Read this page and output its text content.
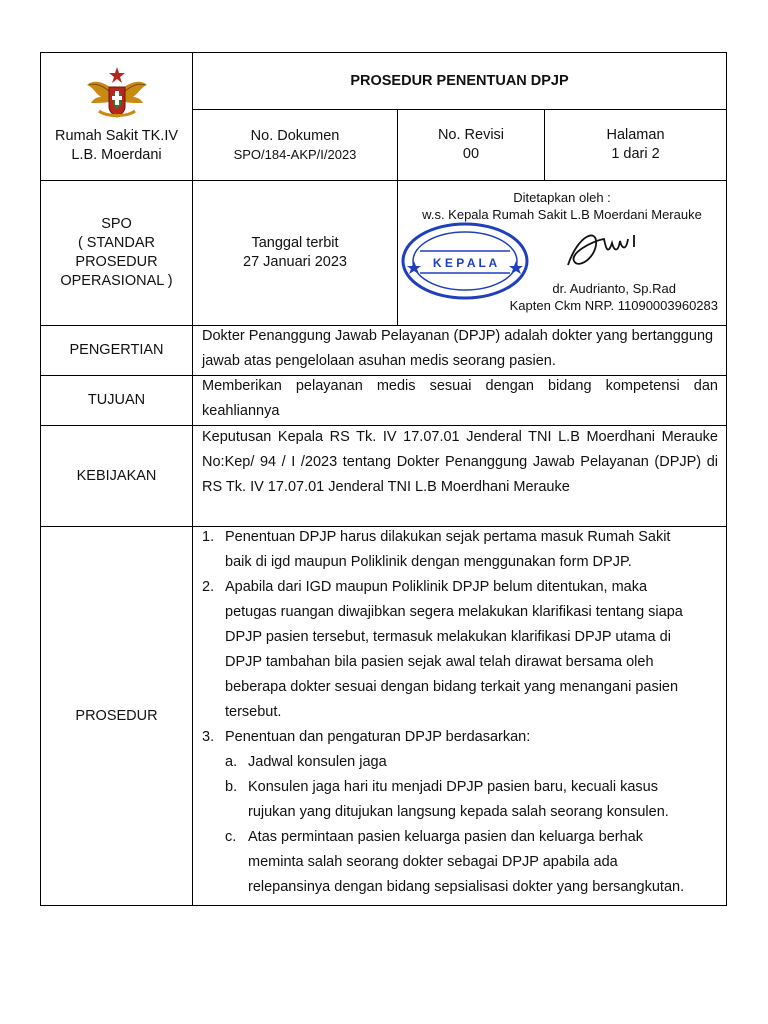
Rumah Sakit TK.IV
L.B. Moerdani
PROSEDUR PENENTUAN DPJP
No. Dokumen
SPO/184-AKP/I/2023
No. Revisi
00
Halaman
1 dari 2
SPO
( STANDAR
PROSEDUR
OPERASIONAL )
Tanggal terbit
27 Januari 2023
Ditetapkan oleh :
w.s. Kepala Rumah Sakit L.B Moerdani Merauke
K E P A L A
dr. Audrianto, Sp.Rad
Kapten Ckm NRP. 11090003960283
PENGERTIAN
Dokter Penanggung Jawab Pelayanan (DPJP) adalah dokter yang bertanggung     jawab atas pengelolaan asuhan medis seorang pasien.
TUJUAN
Memberikan pelayanan medis sesuai dengan bidang kompetensi dan keahliannya
KEBIJAKAN
Keputusan Kepala RS Tk. IV 17.07.01 Jenderal TNI L.B Moerdhani Merauke No:Kep/ 94 / I /2023 tentang Dokter Penanggung Jawab Pelayanan (DPJP) di RS Tk. IV 17.07.01 Jenderal TNI L.B Moerdhani Merauke
PROSEDUR
1. Penentuan DPJP harus dilakukan sejak pertama masuk Rumah Sakit
baik di igd maupun Poliklinik dengan menggunakan form DPJP.
2. Apabila dari IGD maupun Poliklinik DPJP belum ditentukan, maka
petugas ruangan diwajibkan segera melakukan klarifikasi tentang siapa
DPJP pasien tersebut, termasuk melakukan klarifikasi DPJP utama di
DPJP tambahan bila pasien sejak awal telah dirawat bersama oleh
beberapa dokter sesuai dengan bidang terkait yang menangani pasien
tersebut.
3. Penentuan dan pengaturan DPJP berdasarkan:
a. Jadwal konsulen jaga
b. Konsulen jaga hari itu menjadi DPJP pasien baru, kecuali kasus
rujukan yang ditujukan langsung kepada salah seorang konsulen.
c. Atas permintaan pasien keluarga pasien dan keluarga berhak
meminta salah seorang dokter sebagai DPJP apabila ada
relepansinya dengan bidang sepsialisasi dokter yang bersangkutan.
